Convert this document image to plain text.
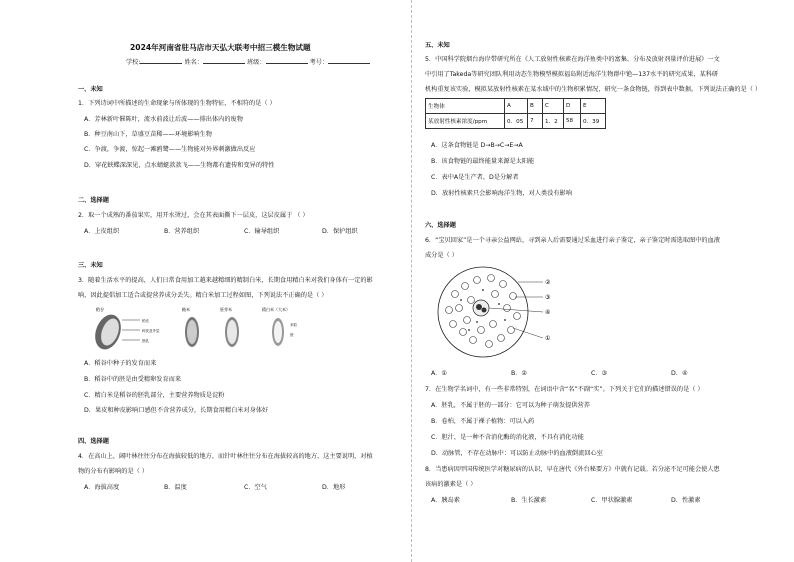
2024年河南省驻马店市天弘大联考中招三模生物试题
学校:	姓名：	班级：	考号：
一、未知
1．下列诗词中所描述的生命现象与所体现的生物特征，不相符的是（ ）
A．芳林新叶催陈叶，流水前波让后波——排出体内的废物
B．种豆南山下，草盛豆苗稀——环境影响生物
C．争渡，争渡，惊起一滩鸥鹭——生物能对外界刺激做出反应
D．穿花蛱蝶深深见，点水蜻蜓款款飞——生物都有遗传和变异的特性
二、选择题
2．取一个成熟的番茄果实，用开水烫过，会在其表面撕下一层皮，这层皮属于 （ ）
A．上皮组织	B．营养组织	C．输导组织	D．保护组织
三、未知
3．随着生活水平的提高，人们日常食用加工越来越精细的精制白米，长期食用精白米对我们身体有一定的影
响，因此提倡加工适合或提营养成分丢失。精白米加工过程如图，下列说法不正确的是（ ）
稻谷
稻壳
种皮及外层
胚乳
糙米	胚芽米	精白米（大米）
米粒
胚
A．稻谷中种子的发育而来
B．稻谷中的胚是由受精卵发育而来
C．精白米是稻谷的胚乳部分，主要营养物质是淀粉
D．果皮和种皮影响口感但不含营养成分，长期食用精白米对身体好
四、选择题
4．在高山上，阔叶林往往分布在海拔较低的地方，而针叶林往往分布在海拔较高的地方，这主要说明，对植
物的分布有影响的是（ ）
A．海拔高度	B．温度	C．空气	D．地形
五、未知
5．中国科学院烟台海岸带研究所在《人工放射性核素在海洋鱼类中的富集、分布及放射剂量评价进展》一文
中引用了Takeda等研究团队利用动态生物模型模拟福岛附近海洋生物群中铯—137水平的研究成果，某科研
机构重复该实验，模拟某放射性核素在某水域中的生物积累情况，研究一条食物链，得到表中数据。下列说法正确的是（ ）
生物体	A	B	C	D	E
某放射性核素浓度/ppm	0．05	7	1．2	58	0．39
A．这条食物链是 D→B→C→E→A
B．该食物链的最终能量来源是太阳能
C．表中A是生产者，D是分解者
D．放射性核素只会影响海洋生物，对人类没有影响
六、选择题
6．“宝贝回家”是一个寻亲公益网站，寻到亲人后需要通过采血进行亲子鉴定，亲子鉴定时需选取图中的血液
成分是（ ）
②
③
④
①
A．①	B．②	C．③	D．④
7．在生物学名词中，有一些非常特别，在词语中含“名”不副“实”。下列关于它们的描述错误的是（ ）
A．胚乳，不属于胚的一部分：它可以为种子萌发提供营养
B．卷柏，不属于裸子植物：可以入药
C．胆汁，是一种不含消化酶的消化液，不具有消化功能
D．动脉管，不存在动脉中：可以防止动脉中的血液倒流回心室
8．当患病因甲国传统医学对糖尿病的认识，早在唐代《外台秘要方》中就有记载。若分泌不足可能会使人患
该病的激素是（ ）
A．胰岛素	B．生长激素	C．甲状腺激素	D．性激素
